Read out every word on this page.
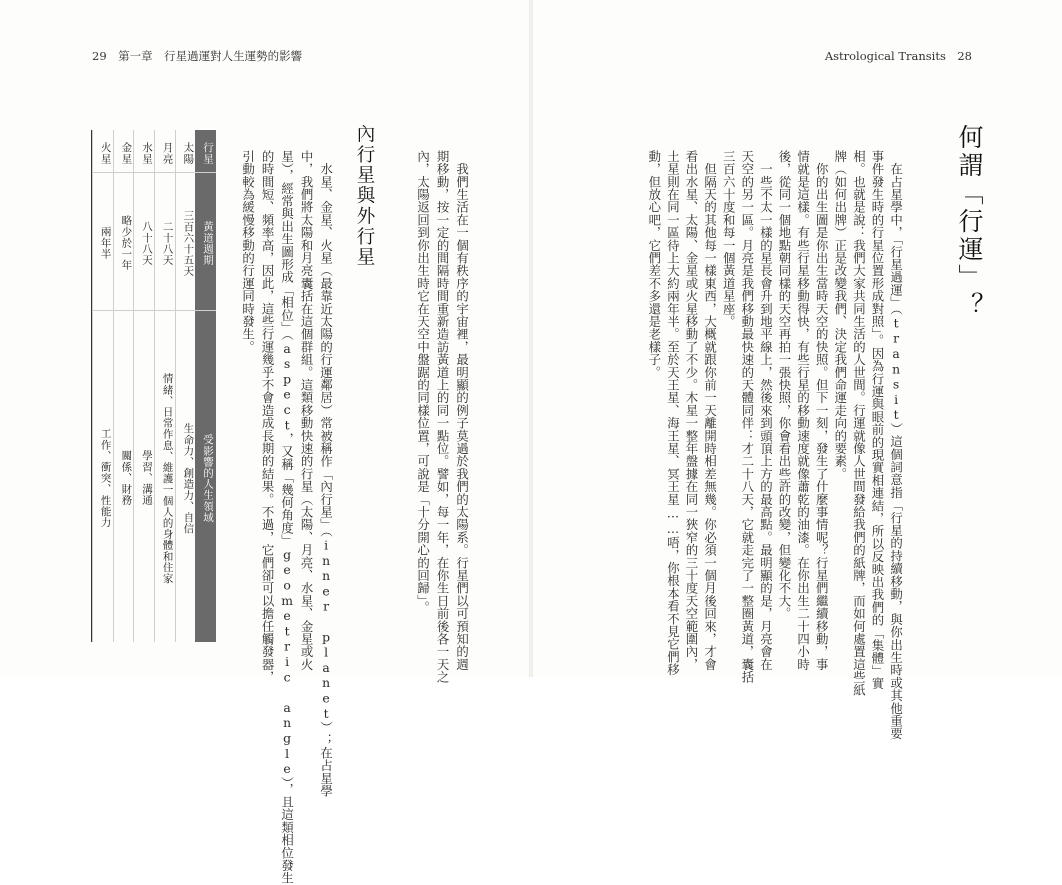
29　第一章　行星過運對人生運勢的影響	Astrological Transits　28
何謂「行運」？
　在占星學中，「行星過運」（transit）這個詞意指「行星的持續移動，與你出生時或其他重要
事件發生時的行星位置形成對照」。因為行運與眼前的現實相連結，所以反映出我們的「集體」實
相。也就是說：我們大家共同生活的人世間。行運就像人世間發給我們的紙牌，而如何處置這些紙
牌（如何出牌）正是改變我們、決定我們命運走向的要素。
　你的出生圖是你出生當時天空的快照。但下一刻，發生了什麼事情呢？行星們繼續移動，事
情就是這樣。有些行星移動得快，有些行星的移動速度就像蕭乾的油漆。在你出生二十四小時
後，從同一個地點朝同樣的天空再拍一張快照，你會看出些許的改變，但變化不大。
　一些不太一樣的星長會升到地平線上，然後來到頭頂上方的最高點。最明顯的是，月亮會在
天空的另一區。月亮是我們移動最快速的天體同伴：才二十八天，它就走完了一整圈黃道，囊括
三百六十度和每一個黃道星座。
　但隔天的其他每一樣東西，大概就跟你前一天離開時相差無幾。你必須一個月後回來，才會
看出水星、太陽、金星或火星移動了不少。木星一整年盤據在同一狹窄的三十度天空範圍內，
土星則在同一區待上大約兩年半。至於天王星、海王星、冥王星……唔，你根本看不見它們移
動，但放心吧，它們差不多還是老樣子。
　我們生活在一個有秩序的宇宙裡，最明顯的例子莫過於我們的太陽系。行星們以可預知的週
期移動，按一定的間隔時間重新造訪黃道上的同一點位。譬如，每一年，在你生日前後各一天之
內，太陽返回到你出生時它在天空中盤踞的同樣位置，可說是「十分開心的回歸」。
內行星與外行星
　水星、金星、火星（最靠近太陽的行運鄰居）常被稱作「內行星」（inner planet）；在占星學
中，我們將太陽和月亮囊括在這個群組。這類移動快速的行星（太陽、月亮、水星、金星或火
星），經常與出生圖形成「相位」（aspect，又稱「幾何角度」geometric angle），且這類相位發生
的時間短、頻率高，因此，這些行運幾乎不會造成長期的結果。不過，它們卻可以擔任觸發器，
引動較為緩慢移動的行運同時發生。
行星
黃道週期
受影響的人生領域
太陽
三百六十五天
生命力、創造力、自信
月亮
二十八天
情緒、日常作息、維護一個人的身體和住家
水星
八十八天
學習、溝通
金星
略少於一年
關係、財務
火星
兩年半
工作、衝突、性能力
